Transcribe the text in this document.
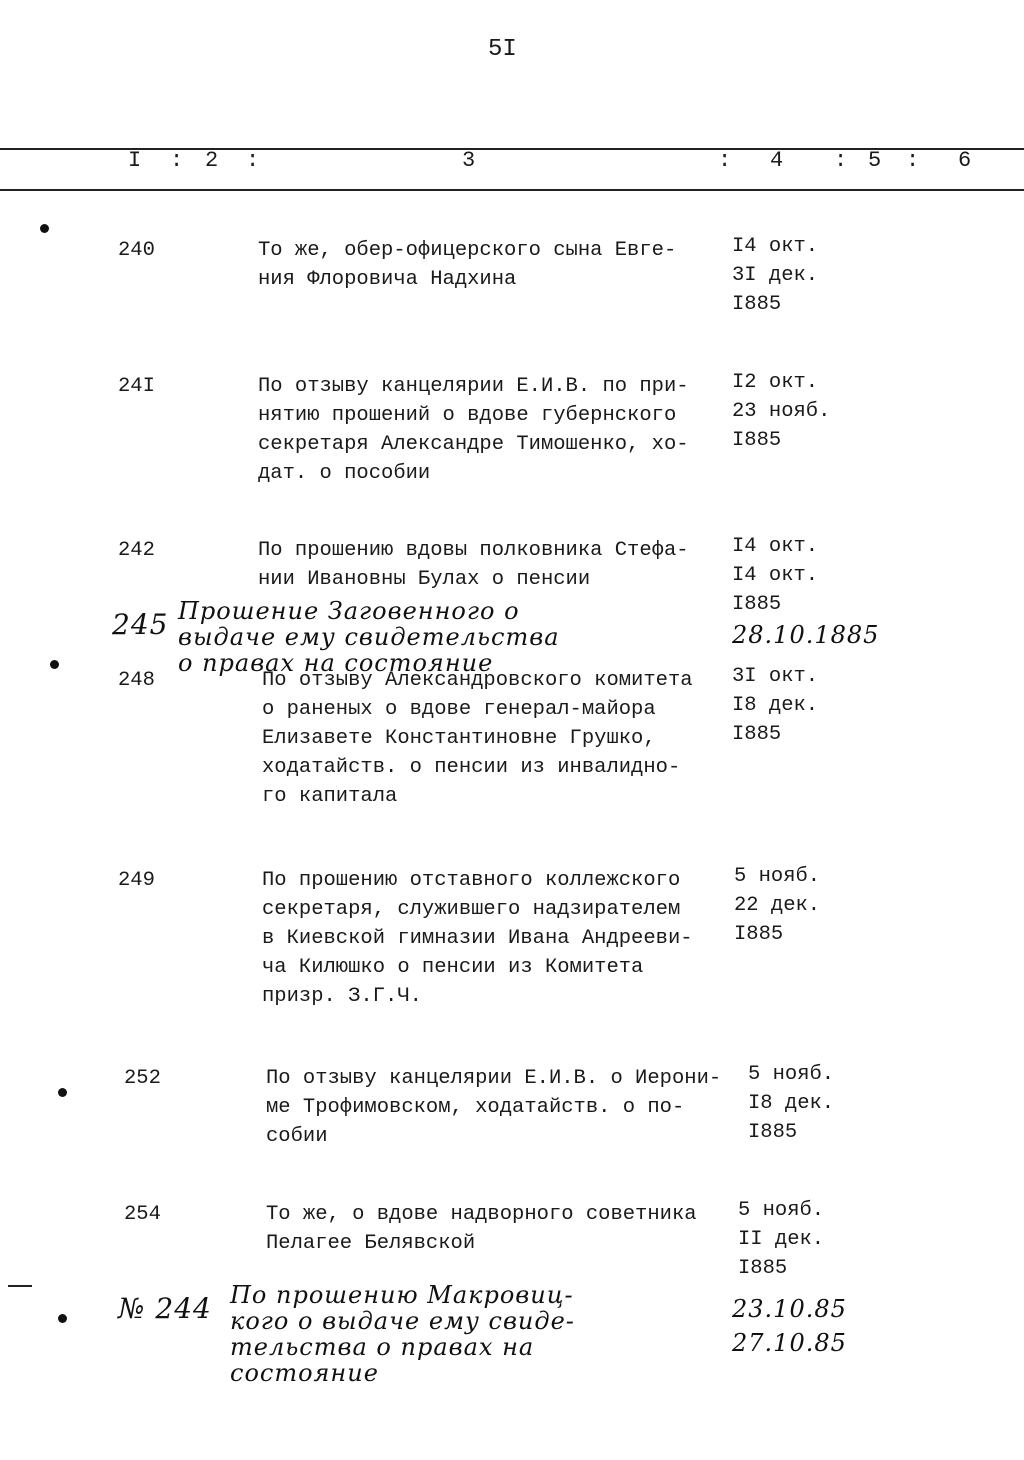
5I
I : 2 :	3	: 4 : 5 : 6
240	То же, обер-офицерского сына Евге-
ния Флоровича Надхина
I4 окт.
3I дек.
I885
24I	По отзыву канцелярии Е.И.В. по при-
нятию прошений о вдове губернского
секретаря Александре Тимошенко, хо-
дат. о пособии
I2 окт.
23 нояб.
I885
242	По прошению вдовы полковника Стефа-
нии Ивановны Булах о пенсии
I4 окт.
I4 окт.
I885
248	По отзыву Александровского комитета
о раненых о вдове генерал-майора
Елизавете Константиновне Грушко,
ходатайств. о пенсии из инвалидно-
го капитала
3I окт.
I8 дек.
I885
249	По прошению отставного коллежского
секретаря, служившего надзирателем
в Киевской гимназии Ивана Андрееви-
ча Килюшко о пенсии из Комитета
призр. З.Г.Ч.
5 нояб.
22 дек.
I885
252	По отзыву канцелярии Е.И.В. о Иерони-
ме Трофимовском, ходатайств. о по-
собии
5 нояб.
I8 дек.
I885
254	То же, о вдове надворного советника
Пелагее Белявской
5 нояб.
II дек.
I885
245 Прошение Заговенного о
выдаче ему свидетельства
о правах на состояние
28.10.1885
№ 244 По прошению Макровиц-
кого о выдаче ему свиде-
тельства о правах на
состояние
23.10.85
27.10.85
